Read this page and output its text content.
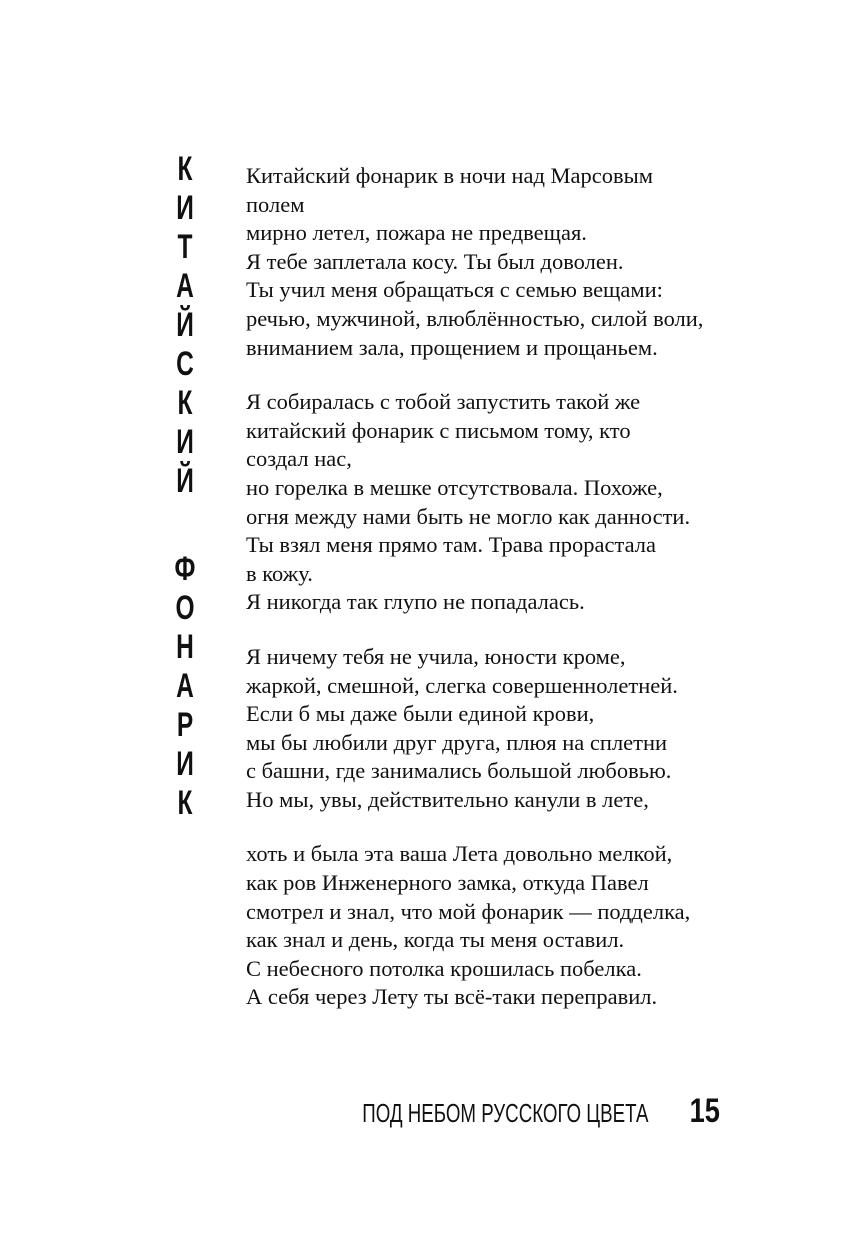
К
И
Т
А
Й
С
К
И
Й
Ф
О
Н
А
Р
И
К
Китайский фонарик в ночи над Марсовым
полем
мирно летел, пожара не предвещая.
Я тебе заплетала косу. Ты был доволен.
Ты учил меня обращаться с семью вещами:
речью, мужчиной, влюблённостью, силой воли,
вниманием зала, прощением и прощаньем.
Я собиралась с тобой запустить такой же
китайский фонарик с письмом тому, кто
создал нас,
но горелка в мешке отсутствовала. Похоже,
огня между нами быть не могло как данности.
Ты взял меня прямо там. Трава прорастала
в кожу.
Я никогда так глупо не попадалась.
Я ничему тебя не учила, юности кроме,
жаркой, смешной, слегка совершеннолетней.
Если б мы даже были единой крови,
мы бы любили друг друга, плюя на сплетни
с башни, где занимались большой любовью.
Но мы, увы, действительно канули в лете,
хоть и была эта ваша Лета довольно мелкой,
как ров Инженерного замка, откуда Павел
смотрел и знал, что мой фонарик — подделка,
как знал и день, когда ты меня оставил.
С небесного потолка крошилась побелка.
А себя через Лету ты всё-таки переправил.
ПОД НЕБОМ РУССКОГО ЦВЕТА 15
